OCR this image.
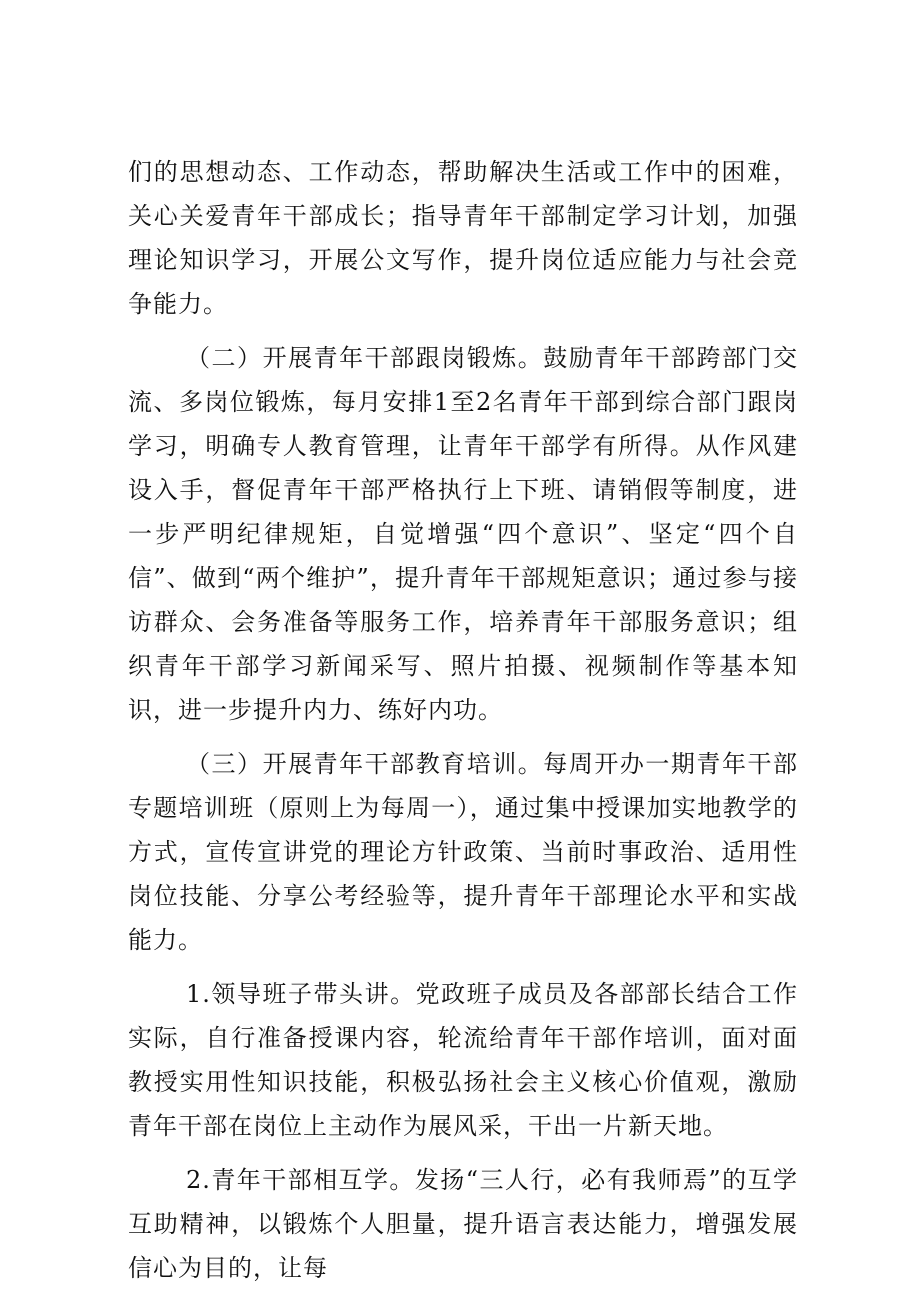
们的思想动态、工作动态，帮助解决生活或工作中的困难，关心关爱青年干部成长；指导青年干部制定学习计划，加强理论知识学习，开展公文写作，提升岗位适应能力与社会竞争能力。

（二）开展青年干部跟岗锻炼。鼓励青年干部跨部门交流、多岗位锻炼，每月安排1至2名青年干部到综合部门跟岗学习，明确专人教育管理，让青年干部学有所得。从作风建设入手，督促青年干部严格执行上下班、请销假等制度，进一步严明纪律规矩，自觉增强“四个意识”、坚定“四个自信”、做到“两个维护”，提升青年干部规矩意识；通过参与接访群众、会务准备等服务工作，培养青年干部服务意识；组织青年干部学习新闻采写、照片拍摄、视频制作等基本知识，进一步提升内力、练好内功。

（三）开展青年干部教育培训。每周开办一期青年干部专题培训班（原则上为每周一），通过集中授课加实地教学的方式，宣传宣讲党的理论方针政策、当前时事政治、适用性岗位技能、分享公考经验等，提升青年干部理论水平和实战能力。

1.领导班子带头讲。党政班子成员及各部部长结合工作实际，自行准备授课内容，轮流给青年干部作培训，面对面教授实用性知识技能，积极弘扬社会主义核心价值观，激励青年干部在岗位上主动作为展风采，干出一片新天地。

2.青年干部相互学。发扬“三人行，必有我师焉”的互学互助精神，以锻炼个人胆量，提升语言表达能力，增强发展信心为目的，让每
